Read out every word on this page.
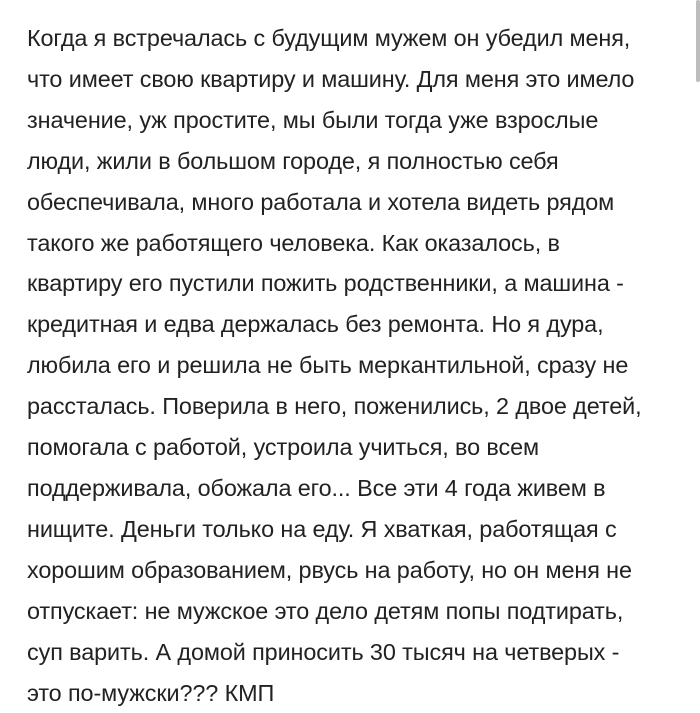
Когда я встречалась с будущим мужем он убедил меня,
что имеет свою квартиру и машину. Для меня это имело
значение, уж простите, мы были тогда уже взрослые
люди, жили в большом городе, я полностью себя
обеспечивала, много работала и хотела видеть рядом
такого же работящего человека. Как оказалось, в
квартиру его пустили пожить родственники, а машина -
кредитная и едва держалась без ремонта. Но я дура,
любила его и решила не быть меркантильной, сразу не
рассталась. Поверила в него, поженились, 2 двое детей,
помогала с работой, устроила учиться, во всем
поддерживала, обожала его... Все эти 4 года живем в
нищите. Деньги только на еду. Я хваткая, работящая с
хорошим образованием, рвусь на работу, но он меня не
отпускает: не мужское это дело детям попы подтирать,
суп варить. А домой приносить 30 тысяч на четверых -
это по-мужски??? КМП
